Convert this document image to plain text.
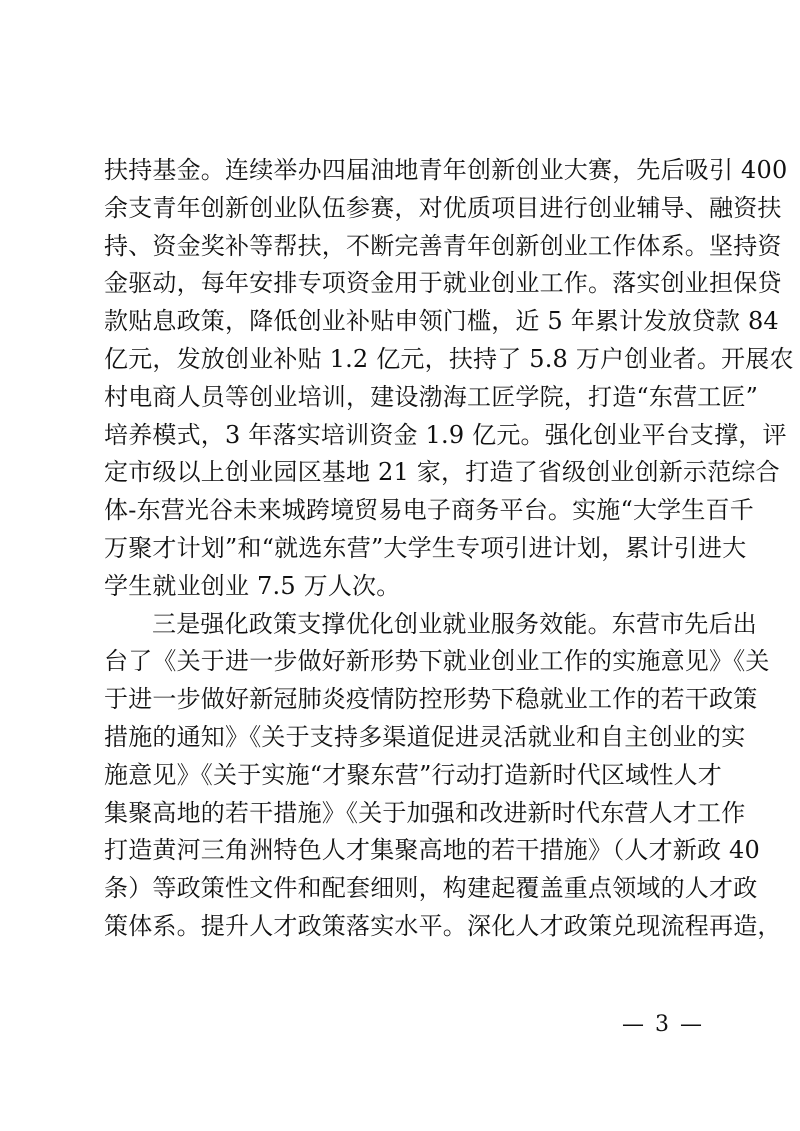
扶持基金。连续举办四届油地青年创新创业大赛，先后吸引 400
余支青年创新创业队伍参赛，对优质项目进行创业辅导、融资扶
持、资金奖补等帮扶，不断完善青年创新创业工作体系。坚持资
金驱动，每年安排专项资金用于就业创业工作。落实创业担保贷
款贴息政策，降低创业补贴申领门槛，近 5 年累计发放贷款 84
亿元，发放创业补贴 1.2 亿元，扶持了 5.8 万户创业者。开展农
村电商人员等创业培训，建设渤海工匠学院，打造“东营工匠”
培养模式，3 年落实培训资金 1.9 亿元。强化创业平台支撑，评
定市级以上创业园区基地 21 家，打造了省级创业创新示范综合
体-东营光谷未来城跨境贸易电子商务平台。实施“大学生百千
万聚才计划”和“就选东营”大学生专项引进计划，累计引进大
学生就业创业 7.5 万人次。
三是强化政策支撑优化创业就业服务效能。东营市先后出
台了《关于进一步做好新形势下就业创业工作的实施意见》《关
于进一步做好新冠肺炎疫情防控形势下稳就业工作的若干政策
措施的通知》《关于支持多渠道促进灵活就业和自主创业的实
施意见》《关于实施“才聚东营”行动打造新时代区域性人才
集聚高地的若干措施》《关于加强和改进新时代东营人才工作
打造黄河三角洲特色人才集聚高地的若干措施》（人才新政 40
条）等政策性文件和配套细则，构建起覆盖重点领域的人才政
策体系。提升人才政策落实水平。深化人才政策兑现流程再造，
— 3 —
